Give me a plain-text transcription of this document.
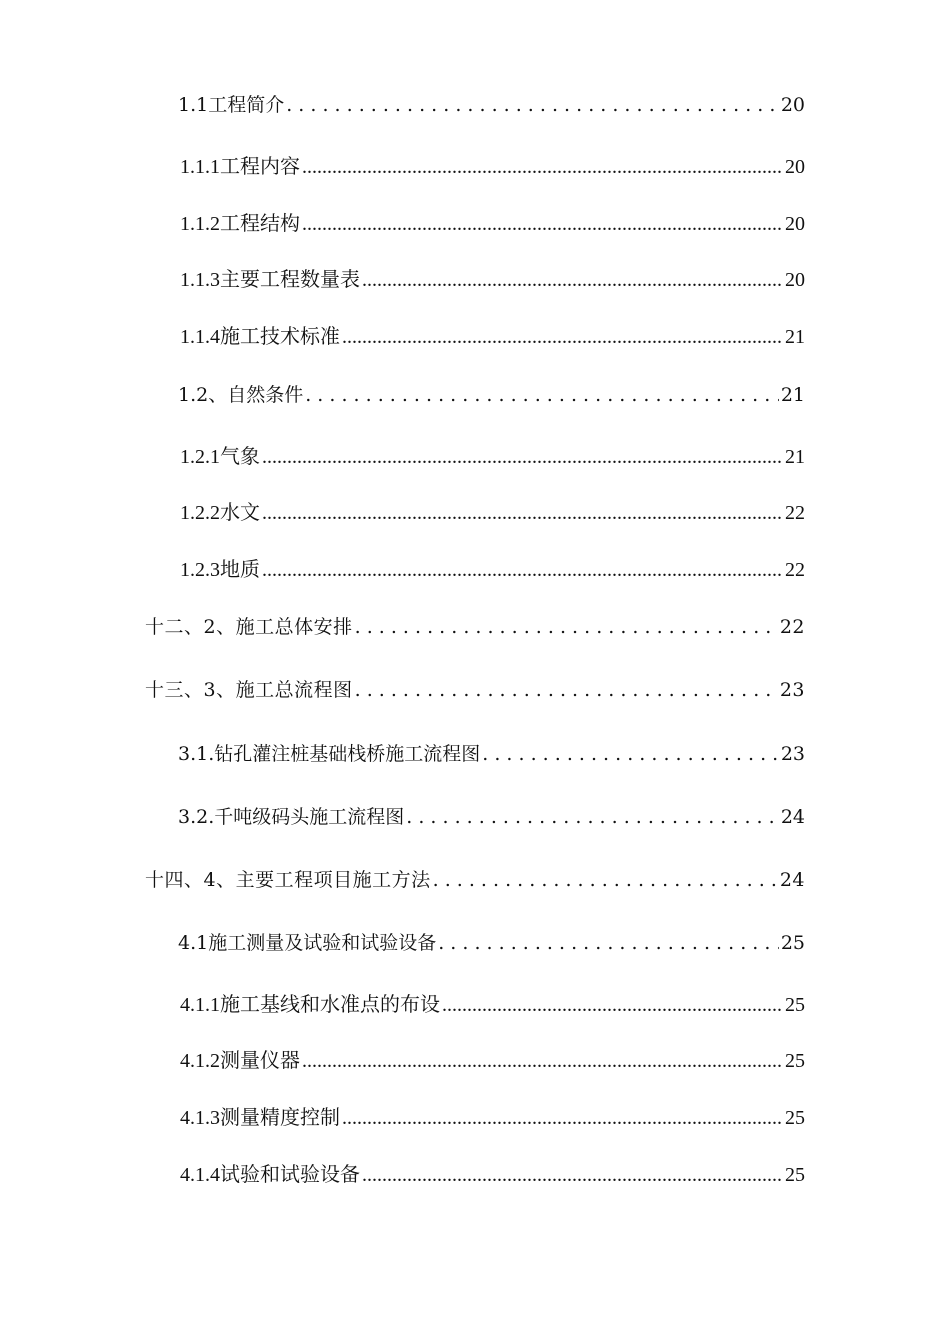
1.1工程简介 . . .	20
1.1.1工程内容 .....	20
1.1.2工程结构 .....	20
1.1.3主要工程数量表 .....	20
1.1.4施工技术标准 .....	21
1.2、自然条件 . . .	21
1.2.1气象 .....	21
1.2.2水文 .....	22
1.2.3地质 .....	22
十二、 2、施工总体安排 . . .	22
十三、 3、施工总流程图 . . .	23
3.1.钻孔灌注桩基础栈桥施工流程图 . . .	23
3.2.千吨级码头施工流程图 . . .	24
十四、 4、主要工程项目施工方法 . . .	24
4.1施工测量及试验和试验设备 . . .	25
4.1.1施工基线和水准点的布设 .....	25
4.1.2测量仪器 .....	25
4.1.3测量精度控制 .....	25
4.1.4试验和试验设备 .....	25
